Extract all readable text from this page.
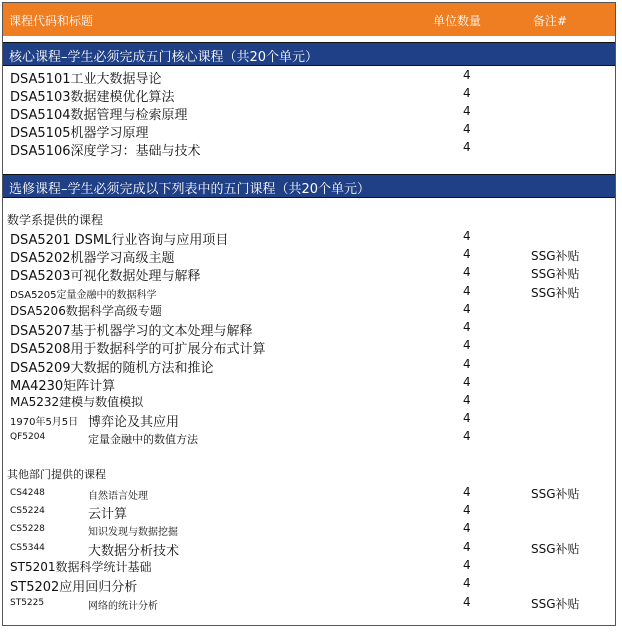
课程代码和标题	单位数量	备注#
核心课程–学生必须完成五门核心课程（共20个单元）
DSA5101工业大数据导论	4
DSA5103数据建模优化算法	4
DSA5104数据管理与检索原理	4
DSA5105机器学习原理	4
DSA5106深度学习：基础与技术	4
选修课程–学生必须完成以下列表中的五门课程（共20个单元）
数学系提供的课程
DSA5201 DSML行业咨询与应用项目	4
DSA5202机器学习高级主题	4	SSG补贴
DSA5203可视化数据处理与解释	4	SSG补贴
DSA5205定量金融中的数据科学	4	SSG补贴
DSA5206数据科学高级专题	4
DSA5207基于机器学习的文本处理与解释	4
DSA5208用于数据科学的可扩展分布式计算	4
DSA5209大数据的随机方法和推论	4
MA4230矩阵计算	4
MA5232建模与数值模拟	4
1970年5月5日 博弈论及其应用	4
QF5204	定量金融中的数值方法	4
其他部门提供的课程
CS4248	自然语言处理	4	SSG补贴
CS5224	云计算	4
CS5228	知识发现与数据挖掘	4
CS5344	大数据分析技术	4	SSG补贴
ST5201数据科学统计基础	4
ST5202应用回归分析	4
ST5225	网络的统计分析	4	SSG补贴
